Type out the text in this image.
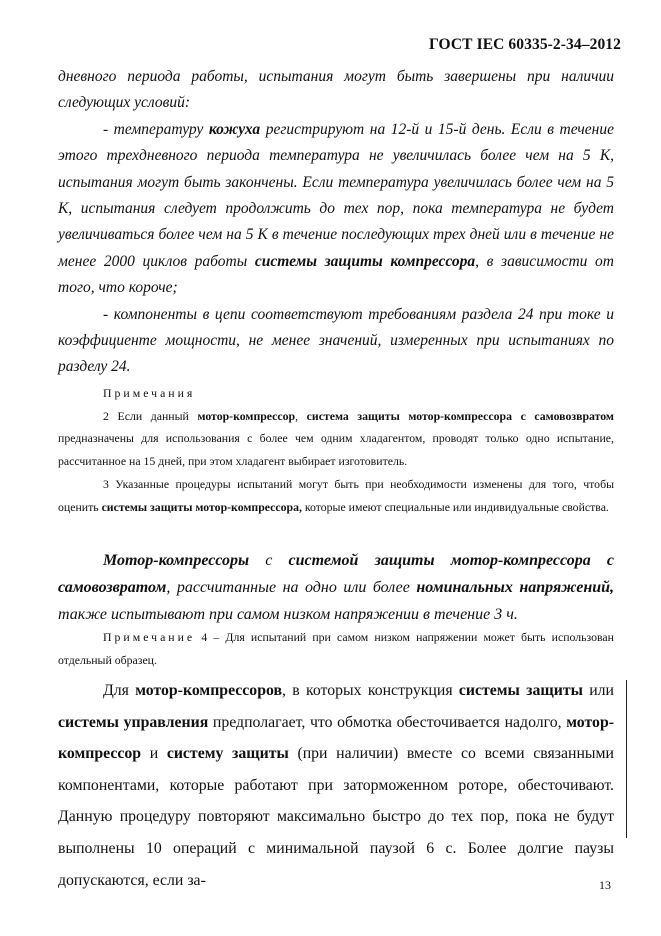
ГОСТ IEC 60335-2-34–2012

дневного периода работы, испытания могут быть завершены при наличии следующих условий:

- температуру кожуха регистрируют на 12-й и 15-й день. Если в течение этого трехдневного периода температура не увеличилась более чем на 5 К, испытания могут быть закончены. Если температура увеличилась более чем на 5 К, испытания следует продолжить до тех пор, пока температура не будет увеличиваться более чем на 5 К в течение последующих трех дней или в течение не менее 2000 циклов работы системы защиты компрессора, в зависимости от того, что короче;

- компоненты в цепи соответствуют требованиям раздела 24 при токе и коэффициенте мощности, не менее значений, измеренных при испытаниях по разделу 24.

Примечания

2 Если данный мотор-компрессор, система защиты мотор-компрессора с самовозвратом предназначены для использования с более чем одним хладагентом, проводят только одно испытание, рассчитанное на 15 дней, при этом хладагент выбирает изготовитель.

3 Указанные процедуры испытаний могут быть при необходимости изменены для того, чтобы оценить системы защиты мотор-компрессора, которые имеют специальные или индивидуальные свойства.

Мотор-компрессоры с системой защиты мотор-компрессора с самовозвратом, рассчитанные на одно или более номинальных напряжений, также испытывают при самом низком напряжении в течение 3 ч.

Примечание 4 – Для испытаний при самом низком напряжении может быть использован отдельный образец.

Для мотор-компрессоров, в которых конструкция системы защиты или системы управления предполагает, что обмотка обесточивается надолго, мотор-компрессор и систему защиты (при наличии) вместе со всеми связанными компонентами, которые работают при заторможенном роторе, обесточивают. Данную процедуру повторяют максимально быстро до тех пор, пока не будут выполнены 10 операций с минимальной паузой 6 с. Более долгие паузы допускаются, если за-	13
